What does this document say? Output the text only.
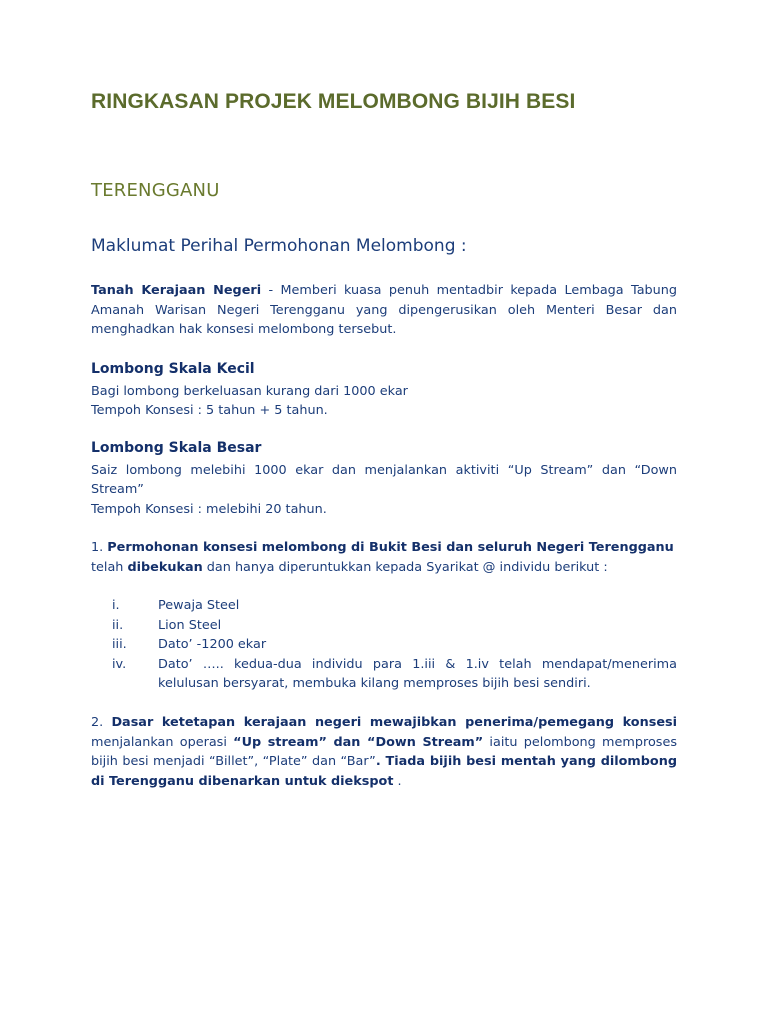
RINGKASAN PROJEK MELOMBONG BIJIH BESI
TERENGGANU
Maklumat Perihal Permohonan Melombong :
Tanah Kerajaan Negeri - Memberi kuasa penuh mentadbir kepada Lembaga Tabung Amanah Warisan Negeri Terengganu yang dipengerusikan oleh Menteri Besar dan menghadkan hak konsesi melombong tersebut.
Lombong Skala Kecil
Bagi lombong berkeluasan kurang dari 1000 ekar
Tempoh Konsesi : 5 tahun + 5 tahun.
Lombong Skala Besar
Saiz lombong melebihi 1000 ekar dan menjalankan aktiviti “Up Stream” dan “Down Stream”
Tempoh Konsesi : melebihi 20 tahun.
1. Permohonan konsesi melombong di Bukit Besi dan seluruh Negeri Terengganu telah dibekukan dan hanya diperuntukkan kepada Syarikat @ individu berikut :
i.	Pewaja Steel
ii.	Lion Steel
iii. Dato’ -1200 ekar
iv. Dato’ ….. kedua-dua individu para 1.iii & 1.iv telah mendapat/menerima kelulusan bersyarat, membuka kilang memproses bijih besi sendiri.
2. Dasar ketetapan kerajaan negeri mewajibkan penerima/pemegang konsesi menjalankan operasi “Up stream” dan “Down Stream” iaitu pelombong memproses bijih besi menjadi “Billet”, “Plate” dan “Bar”. Tiada bijih besi mentah yang dilombong di Terengganu dibenarkan untuk diekspot .
